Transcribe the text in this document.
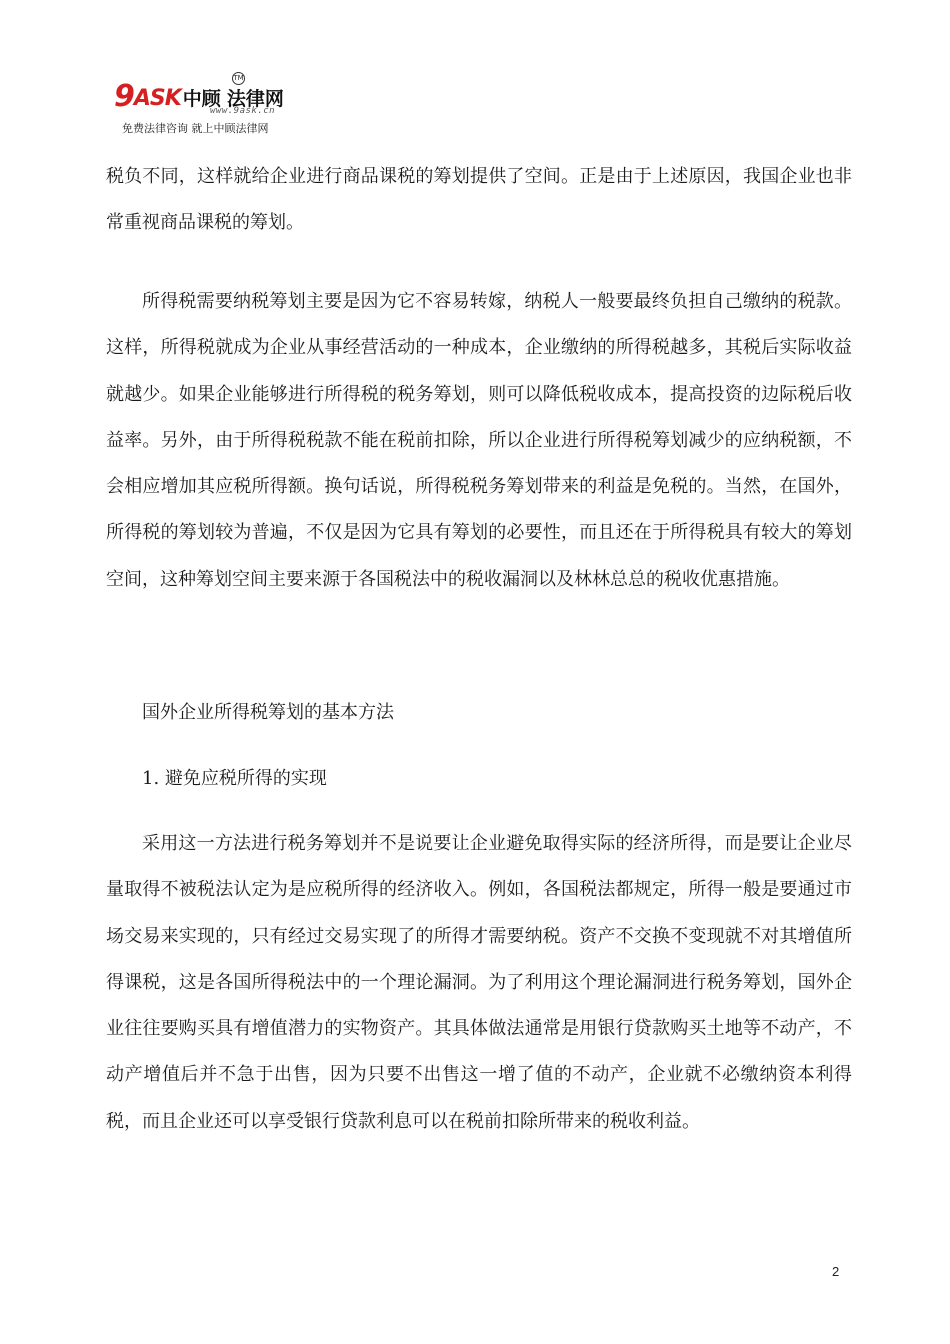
9 ASK 中顾 法律网
TM
www.9ask.cn
免费法律咨询 就上中顾法律网

税负不同，这样就给企业进行商品课税的筹划提供了空间。正是由于上述原因，我国企业也非常重视商品课税的筹划。

所得税需要纳税筹划主要是因为它不容易转嫁，纳税人一般要最终负担自己缴纳的税款。这样，所得税就成为企业从事经营活动的一种成本，企业缴纳的所得税越多，其税后实际收益就越少。如果企业能够进行所得税的税务筹划，则可以降低税收成本，提高投资的边际税后收益率。另外，由于所得税税款不能在税前扣除，所以企业进行所得税筹划减少的应纳税额，不会相应增加其应税所得额。换句话说，所得税税务筹划带来的利益是免税的。当然，在国外，所得税的筹划较为普遍，不仅是因为它具有筹划的必要性，而且还在于所得税具有较大的筹划空间，这种筹划空间主要来源于各国税法中的税收漏洞以及林林总总的税收优惠措施。

国外企业所得税筹划的基本方法

1. 避免应税所得的实现

采用这一方法进行税务筹划并不是说要让企业避免取得实际的经济所得，而是要让企业尽量取得不被税法认定为是应税所得的经济收入。例如，各国税法都规定，所得一般是要通过市场交易来实现的，只有经过交易实现了的所得才需要纳税。资产不交换不变现就不对其增值所得课税，这是各国所得税法中的一个理论漏洞。为了利用这个理论漏洞进行税务筹划，国外企业往往要购买具有增值潜力的实物资产。其具体做法通常是用银行贷款购买土地等不动产，不动产增值后并不急于出售，因为只要不出售这一增了值的不动产，企业就不必缴纳资本利得税，而且企业还可以享受银行贷款利息可以在税前扣除所带来的税收利益。

2
